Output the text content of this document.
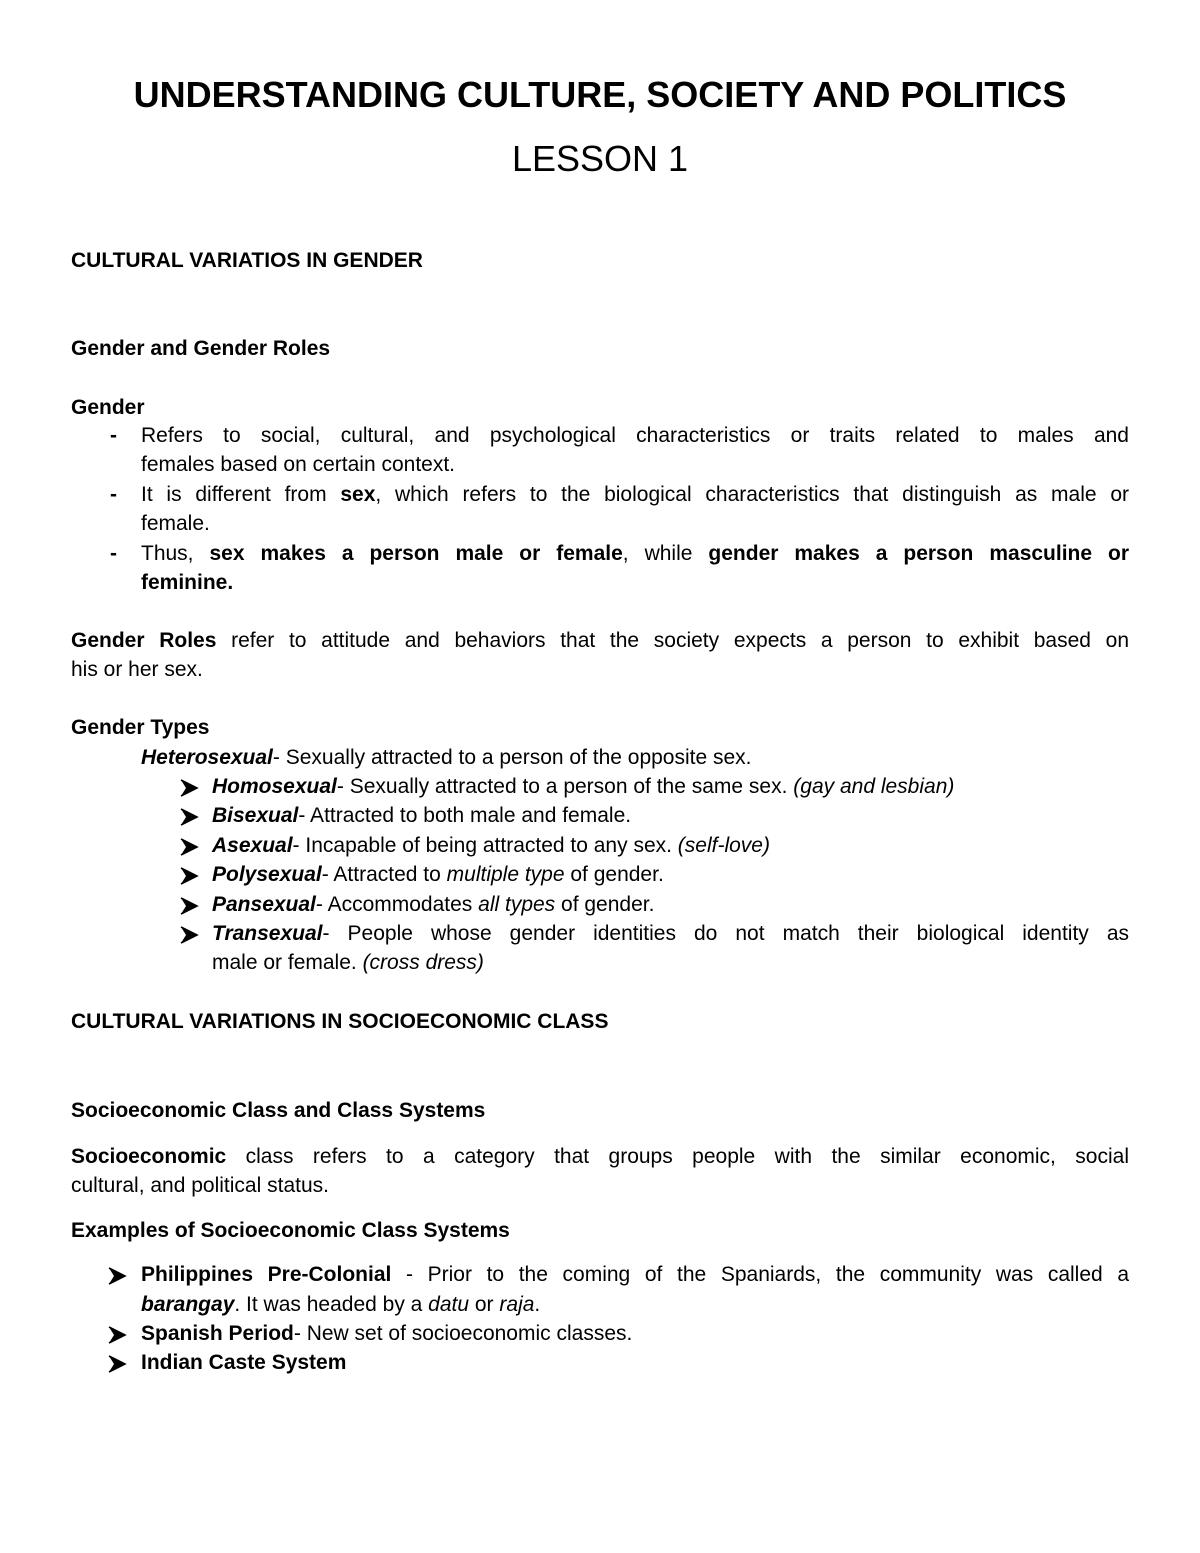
UNDERSTANDING CULTURE, SOCIETY AND POLITICS
LESSON 1
CULTURAL VARIATIOS IN GENDER
Gender and Gender Roles
Gender
- Refers to social, cultural, and psychological characteristics or traits related to males and
females based on certain context.
- It is different from sex, which refers to the biological characteristics that distinguish as male or
female.
- Thus, sex makes a person male or female, while gender makes a person masculine or
feminine.
Gender Roles refer to attitude and behaviors that the society expects a person to exhibit based on
his or her sex.
Gender Types
Heterosexual- Sexually attracted to a person of the opposite sex.
Homosexual- Sexually attracted to a person of the same sex. (gay and lesbian)
Bisexual- Attracted to both male and female.
Asexual- Incapable of being attracted to any sex. (self-love)
Polysexual- Attracted to multiple type of gender.
Pansexual- Accommodates all types of gender.
Transexual- People whose gender identities do not match their biological identity as
male or female. (cross dress)
CULTURAL VARIATIONS IN SOCIOECONOMIC CLASS
Socioeconomic Class and Class Systems
Socioeconomic class refers to a category that groups people with the similar economic, social
cultural, and political status.
Examples of Socioeconomic Class Systems
Philippines Pre-Colonial - Prior to the coming of the Spaniards, the community was called a
barangay. It was headed by a datu or raja.
Spanish Period- New set of socioeconomic classes.
Indian Caste System
